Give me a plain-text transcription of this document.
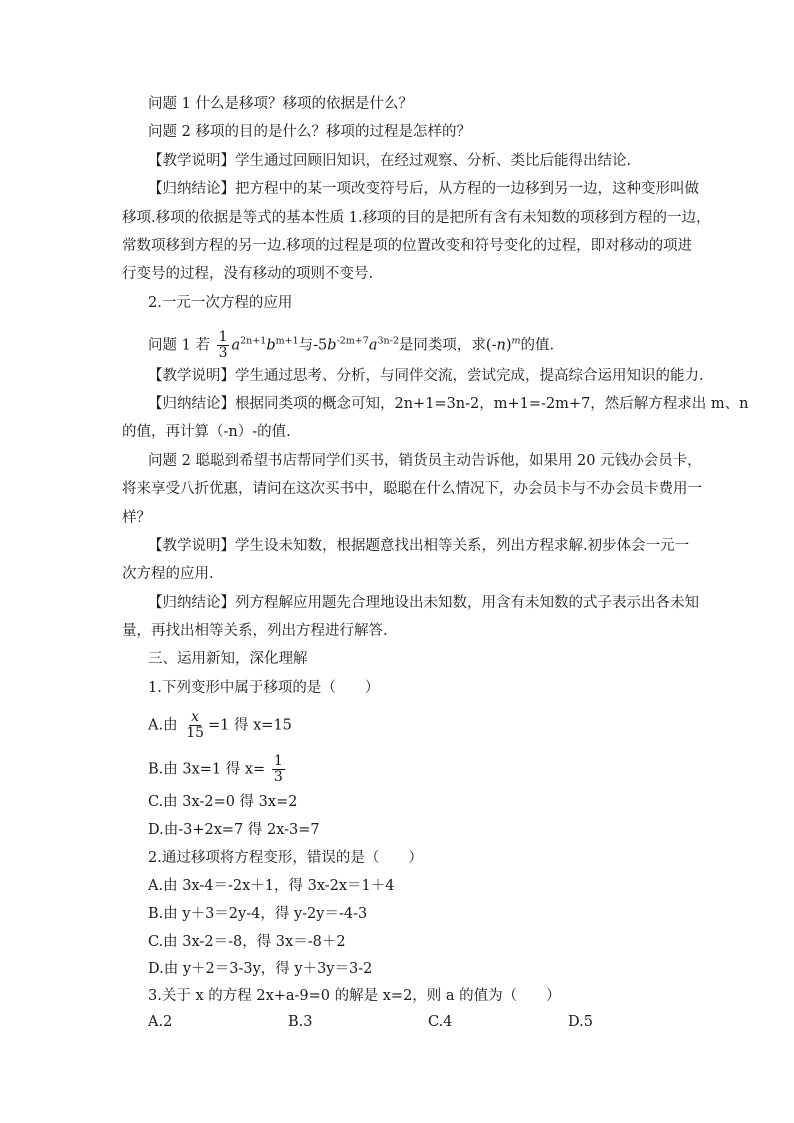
问题 1 什么是移项？移项的依据是什么？
问题 2 移项的目的是什么？移项的过程是怎样的？
【教学说明】学生通过回顾旧知识，在经过观察、分析、类比后能得出结论.
【归纳结论】把方程中的某一项改变符号后，从方程的一边移到另一边，这种变形叫做
移项.移项的依据是等式的基本性质 1.移项的目的是把所有含有未知数的项移到方程的一边，
常数项移到方程的另一边.移项的过程是项的位置改变和符号变化的过程，即对移动的项进
行变号的过程，没有移动的项则不变号.
2.一元一次方程的应用
问题 1 若 $\frac{1}{3} a^{2n+1}b^{m+1}$与$-5b^{-2m+7}a^{3n-2}$是同类项，求$(-n)^m$的值.
【教学说明】学生通过思考、分析，与同伴交流，尝试完成，提高综合运用知识的能力.
【归纳结论】根据同类项的概念可知，2n+1=3n-2，m+1=-2m+7，然后解方程求出 m、n
的值，再计算（-n）-的值.
问题 2 聪聪到希望书店帮同学们买书，销货员主动告诉他，如果用 20 元钱办会员卡，
将来享受八折优惠，请问在这次买书中，聪聪在什么情况下，办会员卡与不办会员卡费用一
样？
【教学说明】学生设未知数，根据题意找出相等关系，列出方程求解.初步体会一元一
次方程的应用.
【归纳结论】列方程解应用题先合理地设出未知数，用含有未知数的式子表示出各未知
量，再找出相等关系，列出方程进行解答.
三、运用新知，深化理解
1.下列变形中属于移项的是（　　）
A.由 $\frac{x}{15} =1$ 得 x=15
B.由 3x=1 得 $x= \frac{1}{3}$
C.由 3x-2=0 得 3x=2
D.由-3+2x=7 得 2x-3=7
2.通过移项将方程变形，错误的是（　　）
A.由 3x-4＝-2x＋1，得 3x-2x＝1＋4
B.由 y＋3＝2y-4，得 y-2y＝-4-3
C.由 3x-2＝-8，得 3x＝-8＋2
D.由 y＋2＝3-3y，得 y＋3y＝3-2
3.关于 x 的方程 2x+a-9=0 的解是 x=2，则 a 的值为（　　）
A.2	B.3	C.4	D.5
